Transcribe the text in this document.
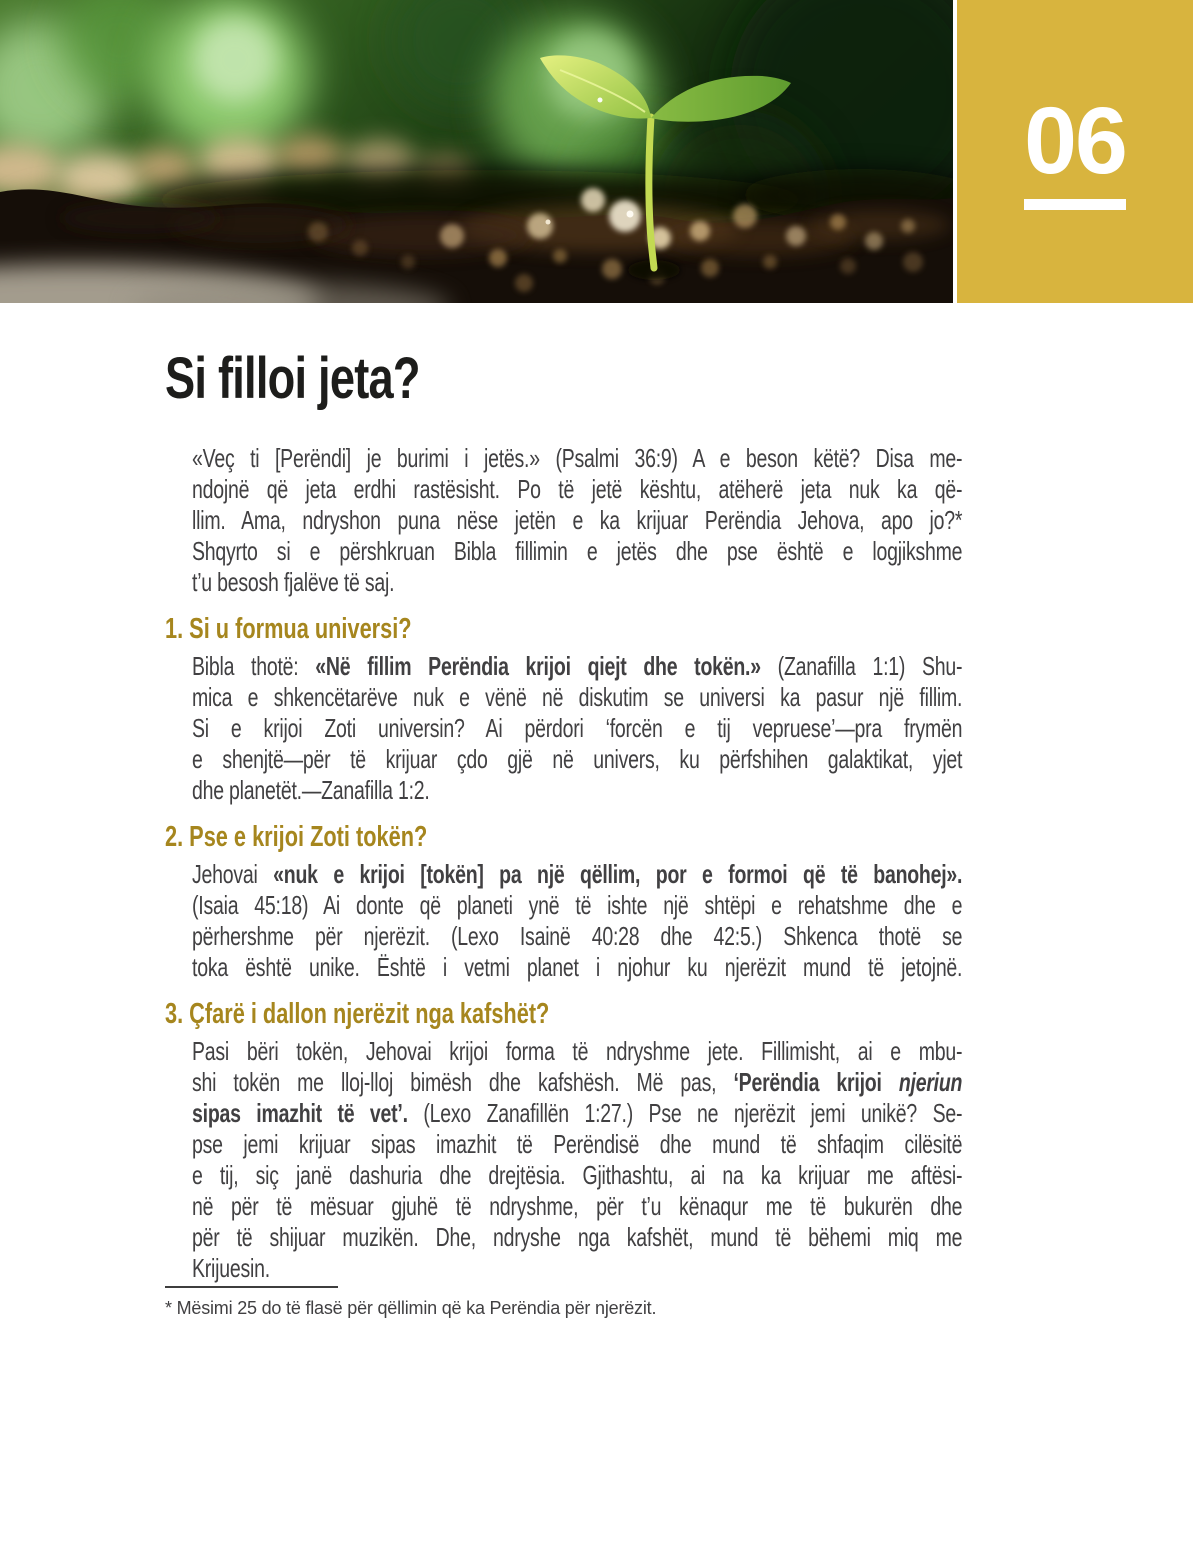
06
Si filloi jeta?
«Veç ti [Perëndi] je burimi i jetës.» (Psalmi 36:9) A e beson këtë? Disa me-
ndojnë që jeta erdhi rastësisht. Po të jetë kështu, atëherë jeta nuk ka që-
llim. Ama, ndryshon puna nëse jetën e ka krijuar Perëndia Jehova, apo jo?*
Shqyrto si e përshkruan Bibla fillimin e jetës dhe pse është e logjikshme
t’u besosh fjalëve të saj.
1. Si u formua universi?
Bibla thotë: «Në fillim Perëndia krijoi qiejt dhe tokën.» (Zanafilla 1:1) Shu-
mica e shkencëtarëve nuk e vënë në diskutim se universi ka pasur një fillim.
Si e krijoi Zoti universin? Ai përdori ‘forcën e tij vepruese’—pra frymën
e shenjtë—për të krijuar çdo gjë në univers, ku përfshihen galaktikat, yjet
dhe planetët.—Zanafilla 1:2.
2. Pse e krijoi Zoti tokën?
Jehovai «nuk e krijoi [tokën] pa një qëllim, por e formoi që të banohej».
(Isaia 45:18) Ai donte që planeti ynë të ishte një shtëpi e rehatshme dhe e
përhershme për njerëzit. (Lexo Isainë 40:28 dhe 42:5.) Shkenca thotë se
toka është unike. Është i vetmi planet i njohur ku njerëzit mund të jetojnë.
3. Çfarë i dallon njerëzit nga kafshët?
Pasi bëri tokën, Jehovai krijoi forma të ndryshme jete. Fillimisht, ai e mbu-
shi tokën me lloj-lloj bimësh dhe kafshësh. Më pas, ‘Perëndia krijoi njeriun
sipas imazhit të vet’. (Lexo Zanafillën 1:27.) Pse ne njerëzit jemi unikë? Se-
pse jemi krijuar sipas imazhit të Perëndisë dhe mund të shfaqim cilësitë
e tij, siç janë dashuria dhe drejtësia. Gjithashtu, ai na ka krijuar me aftësi-
në për të mësuar gjuhë të ndryshme, për t’u kënaqur me të bukurën dhe
për të shijuar muzikën. Dhe, ndryshe nga kafshët, mund të bëhemi miq me
Krijuesin.

* Mësimi 25 do të flasë për qëllimin që ka Perëndia për njerëzit.
